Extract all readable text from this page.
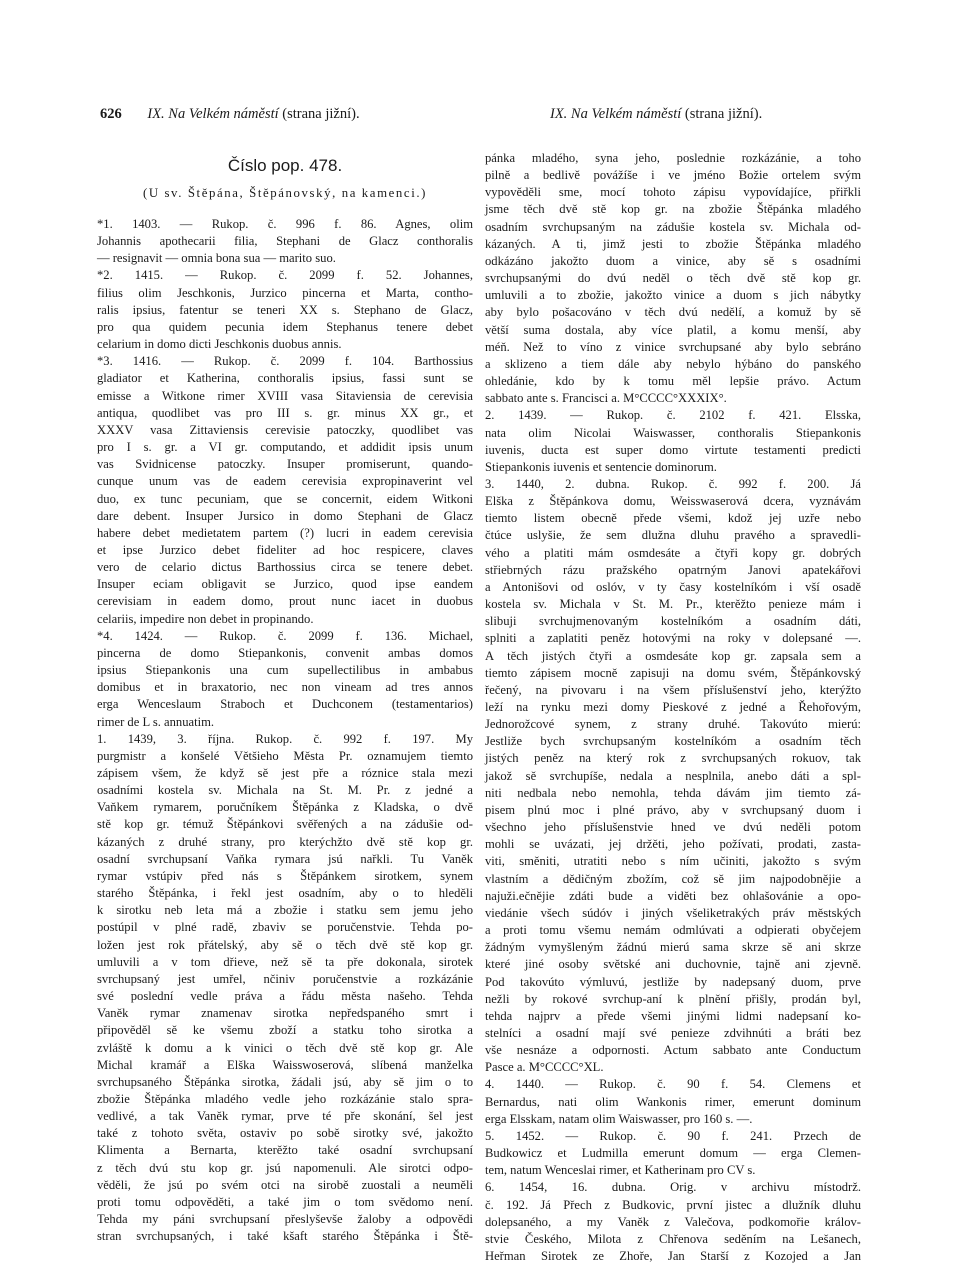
626 IX. Na Velkém náměstí (strana jižní).	IX. Na Velkém náměstí (strana jižní).
Číslo pop. 478.
(U sv. Štěpána, Štěpánovský, na kamenci.)

*1. 1403. — Rukop. č. 996 f. 86. Agnes, olim

Johannis apothecarii filia, Stephani de Glacz conthoralis

— resignavit — omnia bona sua — marito suo.

*2. 1415. — Rukop. č. 2099 f. 52. Johannes,

filius olim Jeschkonis, Jurzico pincerna et Marta, contho-

ralis ipsius, fatentur se teneri XX s. Stephano de Glacz,

pro qua quidem pecunia idem Stephanus tenere debet

celarium in domo dicti Jeschkonis duobus annis.

*3. 1416. — Rukop. č. 2099 f. 104. Barthossius

gladiator et Katherina, conthoralis ipsius, fassi sunt se

emisse a Witkone rimer XVIII vasa Sitaviensia de cerevisia

antiqua, quodlibet vas pro III s. gr. minus XX gr., et

XXXV vasa Zittaviensis cerevisie patoczky, quodlibet vas

pro I s. gr. a VI gr. computando, et addidit ipsis unum

vas Svidnicense patoczky. Insuper promiserunt, quando-

cunque unum vas de eadem cerevisia expropinaverint vel

duo, ex tunc pecuniam, que se concernit, eidem Witkoni

dare debent. Insuper Jursico in domo Stephani de Glacz

habere debet medietatem partem (?) lucri in eadem cerevisia

et ipse Jurzico debet fideliter ad hoc respicere, claves

vero de celario dictus Barthossius circa se tenere debet.

Insuper eciam obligavit se Jurzico, quod ipse eandem

cerevisiam in eadem domo, prout nunc iacet in duobus

celariis, impedire non debet in propinando.

*4. 1424. — Rukop. č. 2099 f. 136. Michael,

pincerna de domo Stiepankonis, convenit ambas domos

ipsius Stiepankonis una cum supellectilibus in ambabus

domibus et in braxatorio, nec non vineam ad tres annos

erga Wenceslaum Straboch et Duchconem (testamentarios)

rimer de L s. annuatim.

1. 1439, 3. října. Rukop. č. 992 f. 197. My

purgmistr a konšelé Většieho Města Pr. oznamujem tiemto

zápisem všem, že když sě jest pře a róznice stala mezi

osadními kostela sv. Michala na St. M. Pr. z jedné a

Vaňkem rymarem, poručníkem Štěpánka z Kladska, o dvě

stě kop gr. témuž Štěpánkovi svěřených a na zádušie od-

kázaných z druhé strany, pro kterýchžto dvě stě kop gr.

osadní svrchupsaní Vaňka rymara jsú nařkli. Tu Vaněk

rymar vstúpiv před nás s Štěpánkem sirotkem, synem

starého Štěpánka, i řekl jest osadním, aby o to hleděli

k sirotku neb leta má a zbožie i statku sem jemu jeho

postúpil v plné radě, zbaviv se poručenstvie. Tehda po-

ložen jest rok přátelský, aby sě o těch dvě stě kop gr.

umluvili a v tom dřieve, než sě ta pře dokonala, sirotek

svrchupsaný jest umřel, nčiniv poručenstvie a rozkázánie

své poslední vedle práva a řádu města našeho. Tehda

Vaněk rymar znamenav sirotka nepředspaného smrt i

připověděl sě ke všemu zboží a statku toho sirotka a

zvláště k domu a k vinici o těch dvě stě kop gr. Ale

Michal kramář a Elška Waisswoserová, slíbená manželka

svrchupsaného Štěpánka sirotka, žádali jsú, aby sě jim o to

zbožie Štěpánka mladého vedle jeho rozkázánie stalo spra-

vedlivé, a tak Vaněk rymar, prve té pře skonání, šel jest

také z tohoto světa, ostaviv po sobě sirotky své, jakožto

Klimenta a Bernarta, kterěžto také osadní svrchupsaní

z těch dvú stu kop gr. jsú napomenuli. Ale sirotci odpo-

věděli, že jsú po svém otci na sirobě zuostali a neuměli

proti tomu odpověděti, a také jim o tom svědomo není.

Tehda my páni svrchupsaní přeslyševše žaloby a odpovědi

stran svrchupsaných, i také kšaft starého Štěpánka i Ště-

pánka mladého, syna jeho, poslednie rozkázánie, a toho

pilně a bedlivě povážíše i ve jméno Božie ortelem svým

vypověděli sme, mocí tohoto zápisu vypovídajíce, přiřkli

jsme těch dvě stě kop gr. na zbožie Štěpánka mladého

osadním svrchupsaným na zádušie kostela sv. Michala od-

kázaných. A ti, jimž jesti to zbožie Štěpánka mladého

odkázáno jakožto duom a vinice, aby sě s osadními

svrchupsanými do dvú neděl o těch dvě stě kop gr.

umluvili a to zbožie, jakožto vinice a duom s jich nábytky

aby bylo pošacováno v těch dvú nedělí, a komuž by sě

větší suma dostala, aby více platil, a komu menší, aby

méň. Než to víno z vinice svrchupsané aby bylo sebráno

a sklizeno a tiem dále aby nebylo hýbáno do panského

ohledánie, kdo by k tomu měl lepšie právo. Actum

sabbato ante s. Francisci a. M°CCCC°XXXIX°.

2. 1439. — Rukop. č. 2102 f. 421. Elsska,

nata olim Nicolai Waiswasser, conthoralis Stiepankonis

iuvenis, ducta est super domo virtute testamenti predicti

Stiepankonis iuvenis et sentencie dominorum.

3. 1440, 2. dubna. Rukop. č. 992 f. 200. Já

Elška z Štěpánkova domu, Weisswaserová dcera, vyznávám

tiemto listem obecně přede všemi, kdož jej uzře nebo

čtúce uslyšie, že sem dlužna dluhu pravého a spravedli-

vého a platiti mám osmdesáte a čtyři kopy gr. dobrých

střiebrných rázu pražského opatrným Janovi apatekářovi

a Antonišovi od oslóv, v ty časy kostelníkóm i vší osadě

kostela sv. Michala v St. M. Pr., kterěžto peniezе mám i

slibuji svrchujmenovaným kostelníkóm a osadním dáti,

splniti a zaplatiti peněz hotovými na roky v dolepsané —.

A těch jistých čtyři a osmdesáte kop gr. zapsala sem a

tiemto zápisem mocně zapisuji na domu svém, Štěpánkovský

řečený, na pivovaru i na všem příslušenství jeho, kterýžto

leží na rynku mezi domy Pieskové z jedné a Řehořovým,

Jednorožcové synem, z strany druhé. Takovúto mierú:

Jestliže bych svrchupsaným kostelníkóm a osadním těch

jistých peněz na který rok z svrchupsaných rokuov, tak

jakož sě svrchupíše, nedala a nesplnila, anebo dáti a spl-

niti nedbala nebo nemohla, tehda dávám jim tiemto zá-

pisem plnú moc i plné právo, aby v svrchupsaný duom i

všechno jeho příslušenstvie hned ve dvú neděli potom

mohli se uvázati, jej držěti, jeho požívati, prodati, zasta-

viti, směniti, utratiti nebo s ním učiniti, jakožto s svým

vlastním a dědičným zbožím, což sě jim najpodobnějie a

najuži.ečnějie zdáti bude a viděti bez ohlašovánie a opo-

viedánie všech súdóv i jiných všeliketrakých práv městských

a proti tomu všemu nemám odmlúvati a odpierati obyčejem

žádným vymyšleným žádnú mierú sama skrze sě ani skrze

které jiné osoby světské ani duchovnie, tajně ani zjevně.

Pod takovúto výmluvú, jestliže by nadepsaný duom, prve

nežli by rokové svrchup-aní k plnění přišly, prodán byl,

tehda najprv a přede všemi jinými lidmi nadepsaní ko-

stelníci a osadní mají své peniezе zdvihnúti a bráti bez

vše nesnáze a odpornosti. Actum sabbato ante Conductum

Pasce a. M°CCCC°XL.

4. 1440. — Rukop. č. 90 f. 54. Clemens et

Bernardus, nati olim Wankonis rimer, emerunt dominum

erga Elsskam, natam olim Waiswasser, pro 160 s. —.

5. 1452. — Rukop. č. 90 f. 241. Przech de

Budkowicz et Ludmilla emerunt domum — erga Clemen-

tem, natum Wenceslai rimer, et Katherinam pro CV s.

6. 1454, 16. dubna. Orig. v archivu místodrž.

č. 192. Já Přech z Budkovic, první jistec a dlužník dluhu

dolepsaného, a my Vaněk z Valečova, podkomořie králov-

stvie Českého, Milota z Chřenova seděním na Lešanech,

Heřman Sirotek ze Zhoře, Jan Starší z Kozojed a Jan
